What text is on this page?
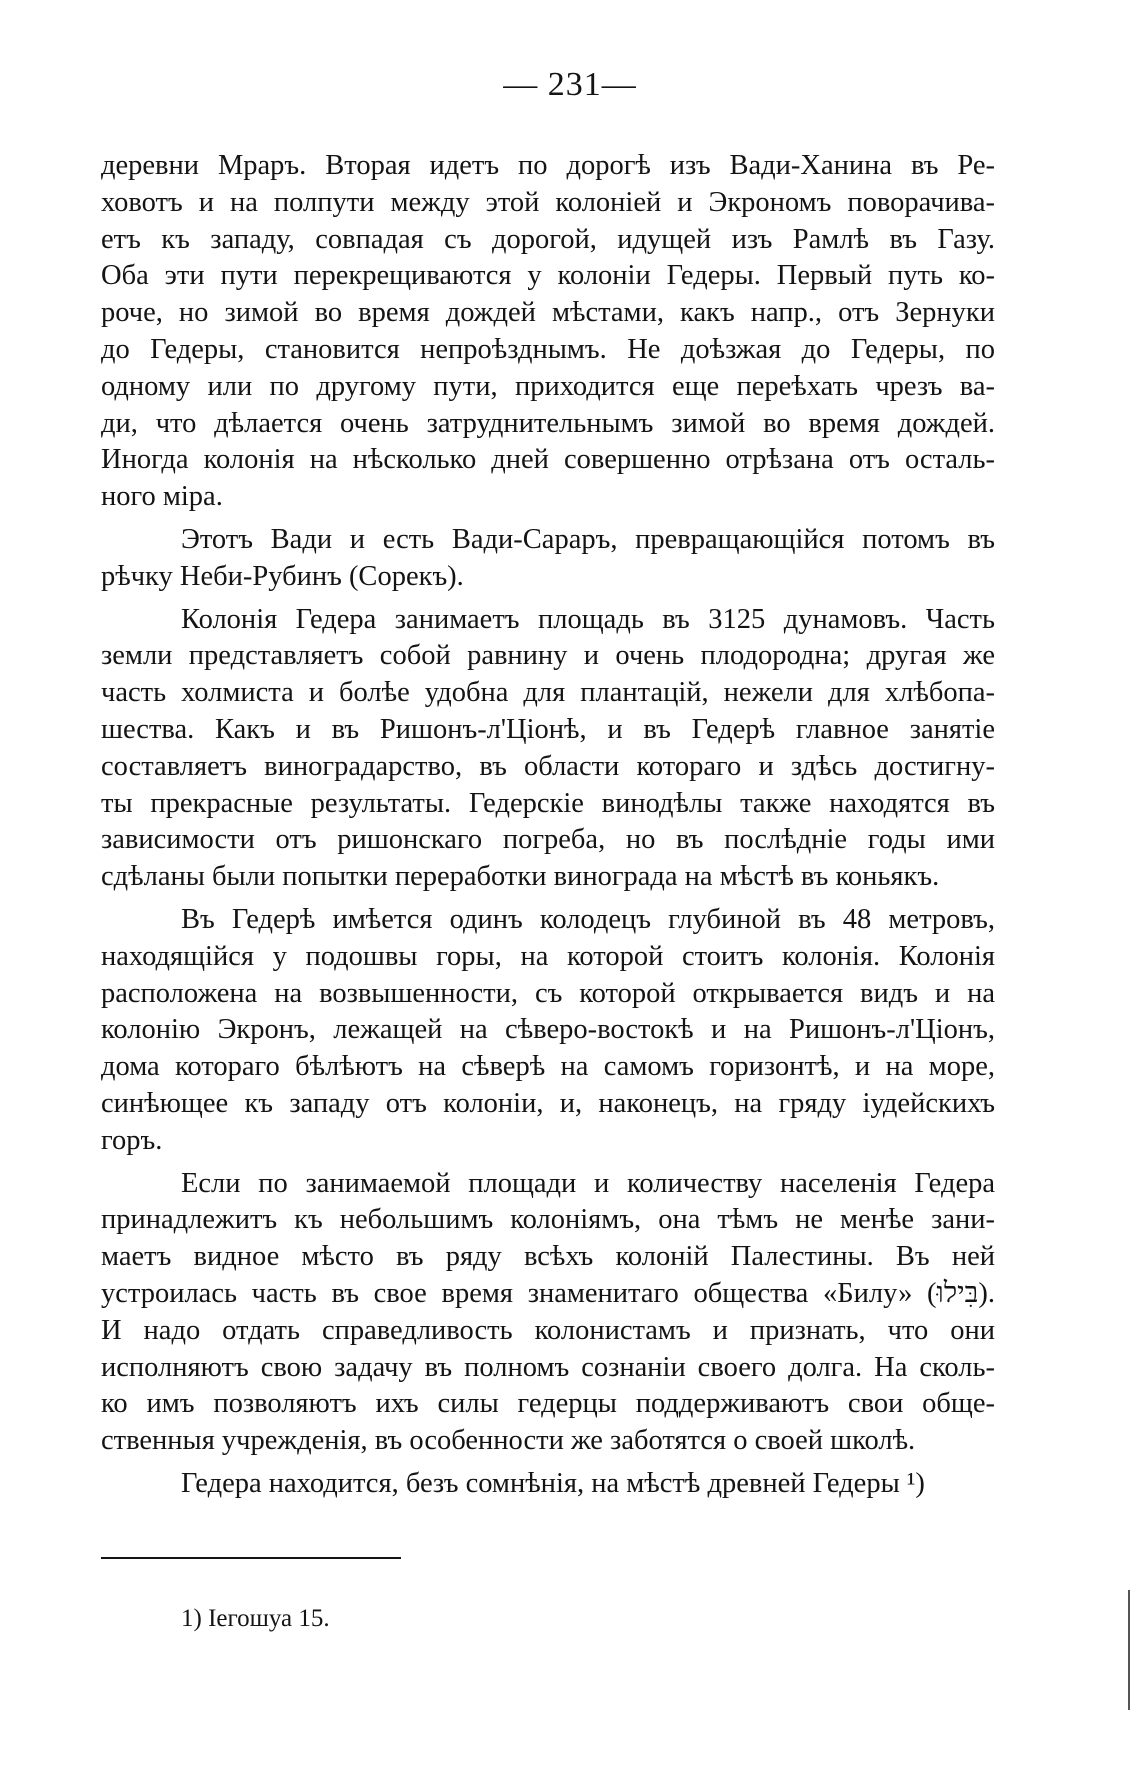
— 231—
деревни Мраръ. Вторая идетъ по дорогѣ изъ Вади-Ханина въ Ре-
ховотъ и на полпути между этой колоніей и Экрономъ поворачива-
етъ къ западу, совпадая съ дорогой, идущей изъ Рамлѣ въ Газу.
Оба эти пути перекрещиваются у колоніи Гедеры. Первый путь ко-
роче, но зимой во время дождей мѣстами, какъ напр., отъ Зернуки
до Гедеры, становится непроѣзднымъ. Не доѣзжая до Гедеры, по
одному или по другому пути, приходится еще переѣхать чрезъ ва-
ди, что дѣлается очень затруднительнымъ зимой во время дождей.
Иногда колонія на нѣсколько дней совершенно отрѣзана отъ осталь-
ного міра.
Этотъ Вади и есть Вади-Сараръ, превращающійся потомъ въ
рѣчку Неби-Рубинъ (Сорекъ).
Колонія Гедера занимаетъ площадь въ 3125 дунамовъ. Часть
земли представляетъ собой равнину и очень плодородна; другая же
часть холмиста и болѣе удобна для плантацій, нежели для хлѣбопа-
шества. Какъ и въ Ришонъ-л'Ціонѣ, и въ Гедерѣ главное занятіе
составляетъ виноградарство, въ области котораго и здѣсь достигну-
ты прекрасные результаты. Гедерскіе винодѣлы также находятся въ
зависимости отъ ришонскаго погреба, но въ послѣдніе годы ими
сдѣланы были попытки переработки винограда на мѣстѣ въ коньякъ.
Въ Гедерѣ имѣется одинъ колодецъ глубиной въ 48 метровъ,
находящійся у подошвы горы, на которой стоитъ колонія. Колонія
расположена на возвышенности, съ которой открывается видъ и на
колонію Экронъ, лежащей на сѣверо-востокѣ и на Ришонъ-л'Ціонъ,
дома котораго бѣлѣютъ на сѣверѣ на самомъ горизонтѣ, и на море,
синѣющее къ западу отъ колоніи, и, наконецъ, на гряду іудейскихъ
горъ.
Если по занимаемой площади и количеству населенія Гедера
принадлежитъ къ небольшимъ колоніямъ, она тѣмъ не менѣе зани-
маетъ видное мѣсто въ ряду всѣхъ колоній Палестины. Въ ней
устроилась часть въ свое время знаменитаго общества «Билу» (בִּילוּ).
И надо отдать справедливость колонистамъ и признать, что они
исполняютъ свою задачу въ полномъ сознаніи своего долга. На сколь-
ко имъ позволяютъ ихъ силы гедерцы поддерживаютъ свои обще-
ственныя учрежденія, въ особенности же заботятся о своей школѣ.
Гедера находится, безъ сомнѣнія, на мѣстѣ древней Гедеры ¹)
1) Іегошуа 15.
